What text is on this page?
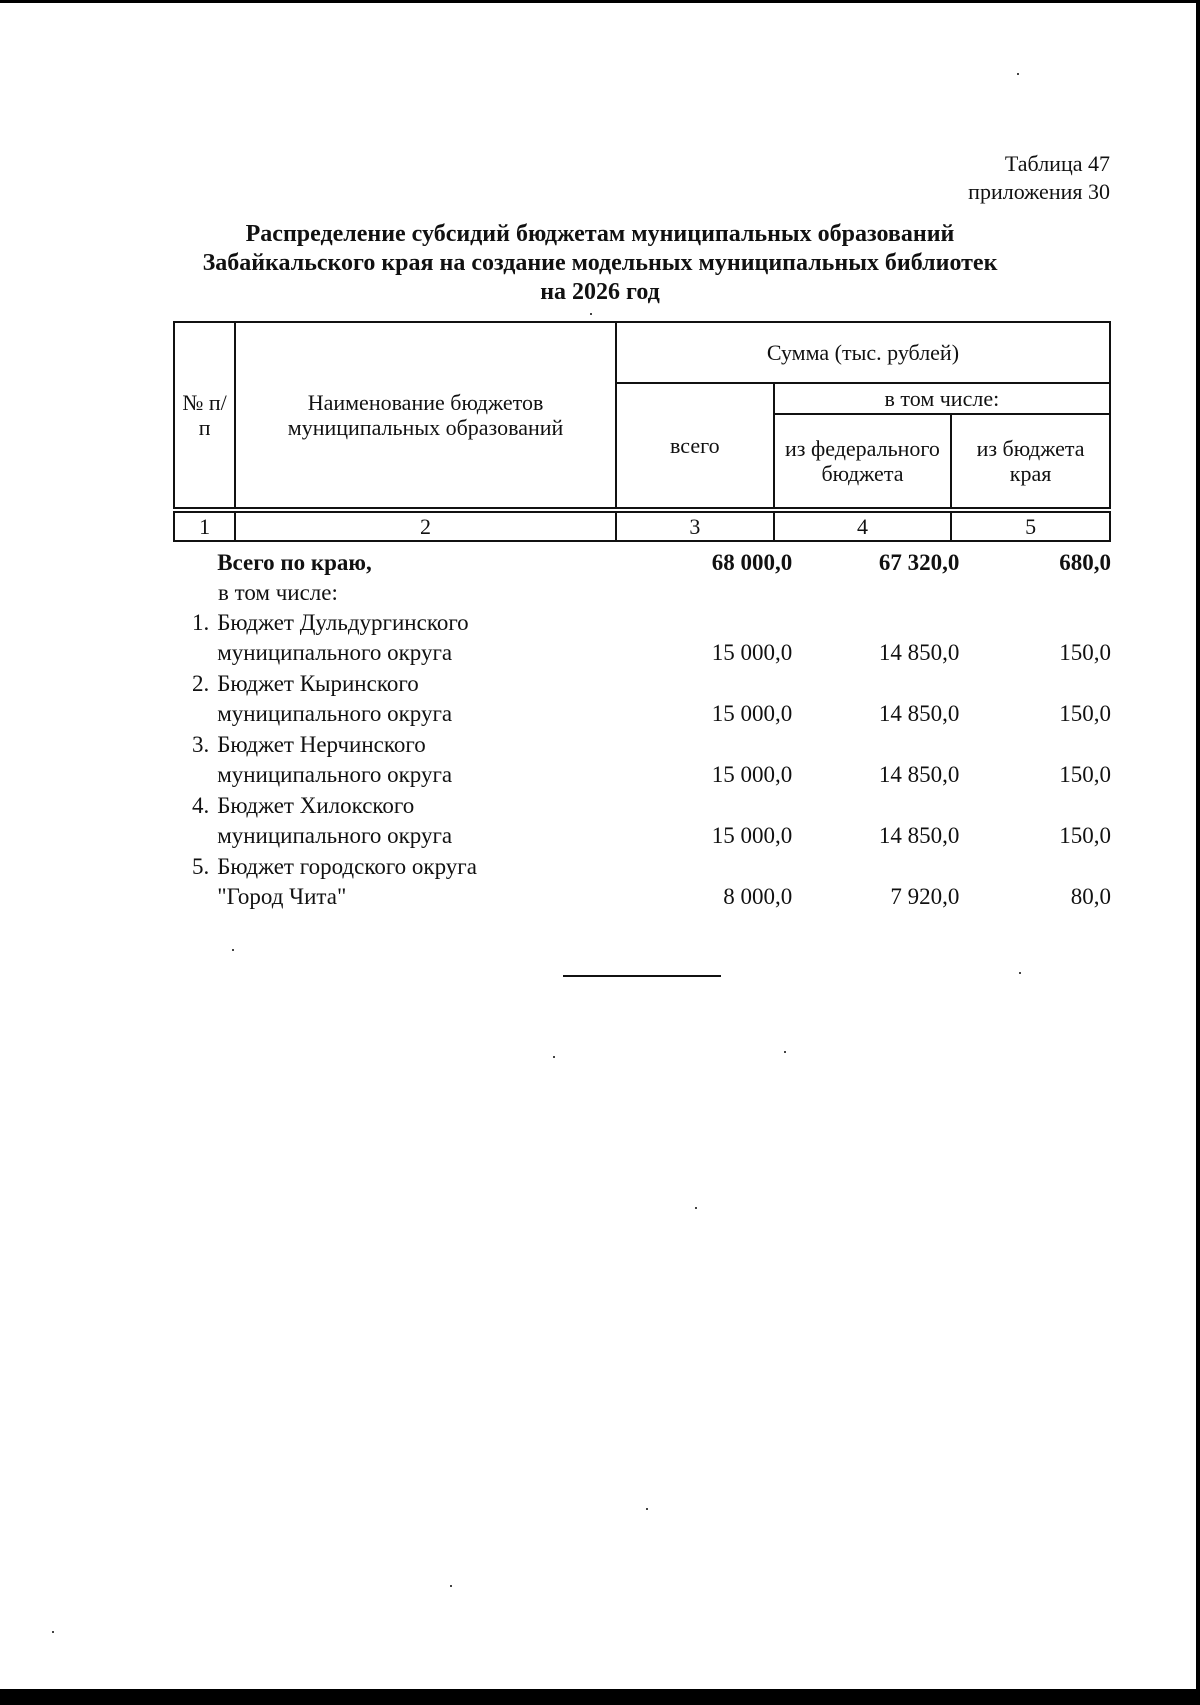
Таблица 47
приложения 30
Распределение субсидий бюджетам муниципальных образований
Забайкальского края на создание модельных муниципальных библиотек
на 2026 год
№ п/п	Наименование бюджетов муниципальных образований	Сумма (тыс. рублей)		
		всего	в том числе:	
			из федерального бюджета	из бюджета края

1	2	3	4	5
Всего по краю,	68 000,0	67 320,0	680,0
в том числе:
1. Бюджет Дульдургинского
муниципального округа	15 000,0	14 850,0	150,0
2. Бюджет Кыринского
муниципального округа	15 000,0	14 850,0	150,0
3. Бюджет Нерчинского
муниципального округа	15 000,0	14 850,0	150,0
4. Бюджет Хилокского
муниципального округа	15 000,0	14 850,0	150,0
5. Бюджет городского округа
"Город Чита"	8 000,0	7 920,0	80,0
